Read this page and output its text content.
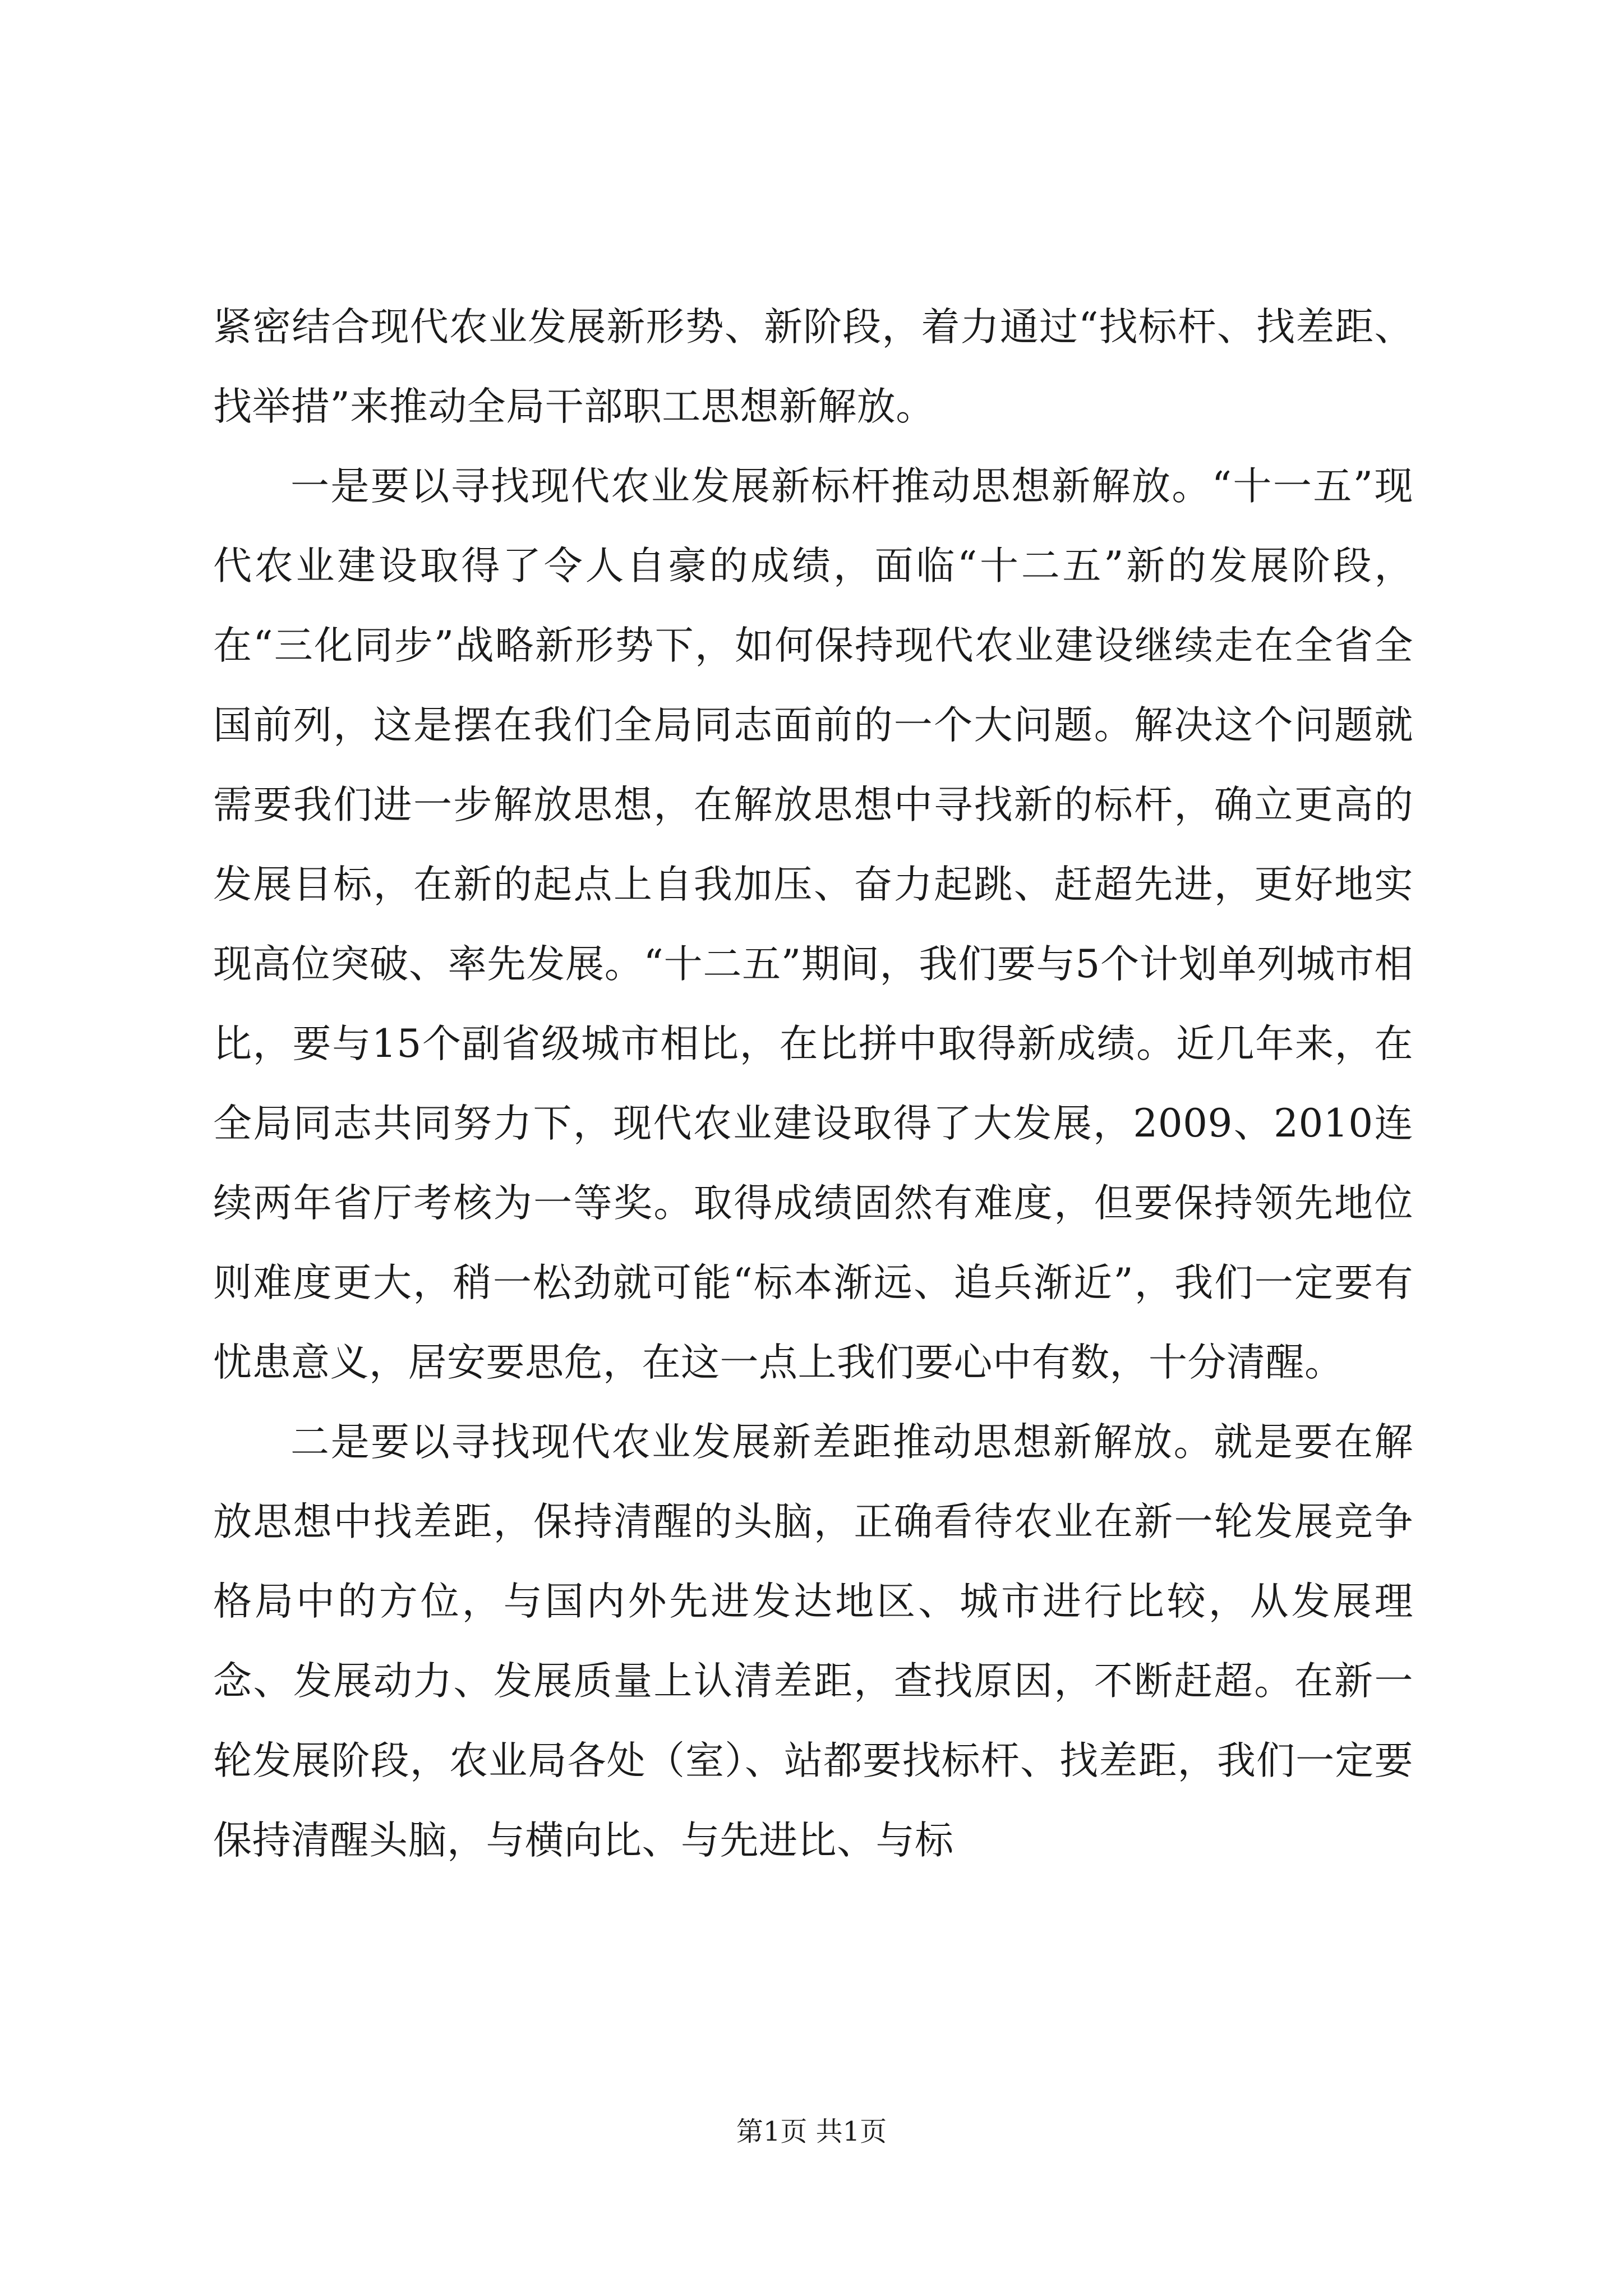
紧密结合现代农业发展新形势、新阶段，着力通过“找标杆、找差距、找举措”来推动全局干部职工思想新解放。

一是要以寻找现代农业发展新标杆推动思想新解放。“十一五”现代农业建设取得了令人自豪的成绩，面临“十二五”新的发展阶段，在“三化同步”战略新形势下，如何保持现代农业建设继续走在全省全国前列，这是摆在我们全局同志面前的一个大问题。解决这个问题就需要我们进一步解放思想，在解放思想中寻找新的标杆，确立更高的发展目标，在新的起点上自我加压、奋力起跳、赶超先进，更好地实现高位突破、率先发展。“十二五”期间，我们要与5个计划单列城市相比，要与15个副省级城市相比，在比拼中取得新成绩。近几年来，在全局同志共同努力下，现代农业建设取得了大发展，2009、2010连续两年省厅考核为一等奖。取得成绩固然有难度，但要保持领先地位则难度更大，稍一松劲就可能“标本渐远、追兵渐近”，我们一定要有忧患意义，居安要思危，在这一点上我们要心中有数，十分清醒。

二是要以寻找现代农业发展新差距推动思想新解放。就是要在解放思想中找差距，保持清醒的头脑，正确看待农业在新一轮发展竞争格局中的方位，与国内外先进发达地区、城市进行比较，从发展理念、发展动力、发展质量上认清差距，查找原因，不断赶超。在新一轮发展阶段，农业局各处（室）、站都要找标杆、找差距，我们一定要保持清醒头脑，与横向比、与先进比、与标

第1页 共1页
